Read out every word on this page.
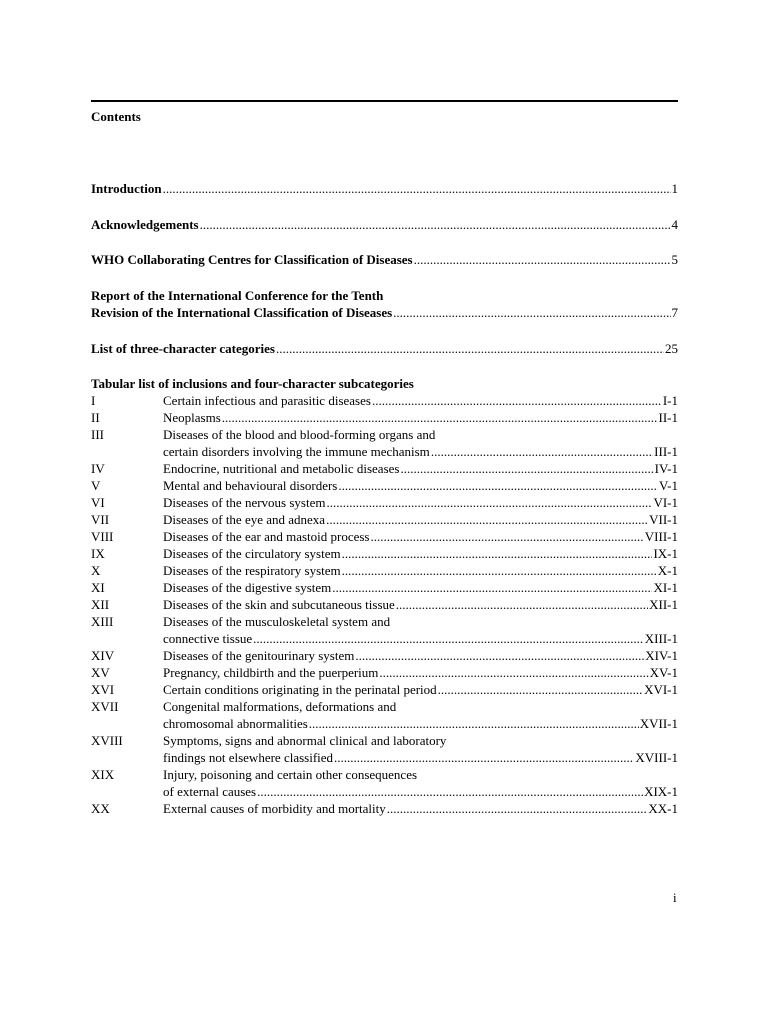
Contents
Introduction .....	1
Acknowledgements .....	4
WHO Collaborating Centres for Classification of Diseases .....	5
Report of the International Conference for the Tenth
Revision of the International Classification of Diseases .....	7
List of three-character categories .....	25
Tabular list of inclusions and four-character subcategories
I	Certain infectious and parasitic diseases .....	I-1
II	Neoplasms .....	II-1
III	Diseases of the blood and blood-forming organs and
certain disorders involving the immune mechanism .....	III-1
IV	Endocrine, nutritional and metabolic diseases .....	IV-1
V	Mental and behavioural disorders .....	V-1
VI	Diseases of the nervous system .....	VI-1
VII	Diseases of the eye and adnexa .....	VII-1
VIII	Diseases of the ear and mastoid process .....	VIII-1
IX	Diseases of the circulatory system .....	IX-1
X	Diseases of the respiratory system .....	X-1
XI	Diseases of the digestive system .....	XI-1
XII	Diseases of the skin and subcutaneous tissue .....	XII-1
XIII	Diseases of the musculoskeletal system and
connective tissue .....	XIII-1
XIV	Diseases of the genitourinary system .....	XIV-1
XV	Pregnancy, childbirth and the puerperium .....	XV-1
XVI	Certain conditions originating in the perinatal period .....	XVI-1
XVII	Congenital malformations, deformations and
chromosomal abnormalities .....	XVII-1
XVIII	Symptoms, signs and abnormal clinical and laboratory
findings not elsewhere classified .....	XVIII-1
XIX	Injury, poisoning and certain other consequences
of external causes .....	XIX-1
XX	External causes of morbidity and mortality .....	XX-1
i
